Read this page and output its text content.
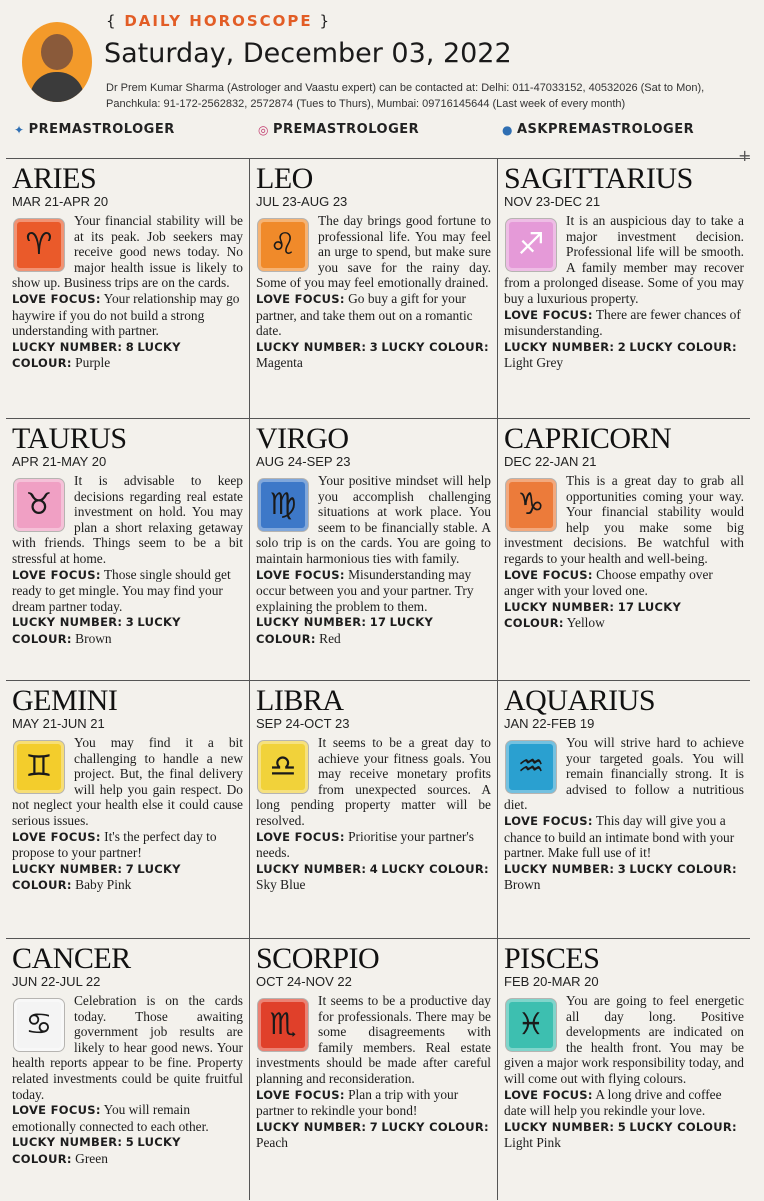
{ DAILY HOROSCOPE }
Saturday, December 03, 2022
Dr Prem Kumar Sharma (Astrologer and Vaastu expert) can be contacted at: Delhi: 011-47033152, 40532026 (Sat to Mon), Panchkula: 91-172-2562832, 2572874 (Tues to Thurs), Mumbai: 09716145644 (Last week of every month)
✦ PREMASTROLOGER	◎ PREMASTROLOGER	● ASKPREMASTROLOGER
+
ARIES
MAR 21-APR 20
♈
Your financial stability will be at its peak. Job seekers may receive good news today. No major health issue is likely to show up. Business trips are on the cards.
LOVE FOCUS: Your relationship may go haywire if you do not build a strong understanding with partner.
LUCKY NUMBER: 8 LUCKY COLOUR: Purple
LEO
JUL 23-AUG 23
♌
The day brings good fortune to professional life. You may feel an urge to spend, but make sure you save for the rainy day. Some of you may feel emotionally drained.
LOVE FOCUS: Go buy a gift for your partner, and take them out on a romantic date.
LUCKY NUMBER: 3 LUCKY COLOUR: Magenta
SAGITTARIUS
NOV 23-DEC 21
♐
It is an auspicious day to take a major investment decision. Professional life will be smooth. A family member may recover from a prolonged disease. Some of you may buy a luxurious property.
LOVE FOCUS: There are fewer chances of misunderstanding.
LUCKY NUMBER: 2 LUCKY COLOUR: Light Grey
TAURUS
APR 21-MAY 20
♉
It is advisable to keep decisions regarding real estate investment on hold. You may plan a short relaxing getaway with friends. Things seem to be a bit stressful at home.
LOVE FOCUS: Those single should get ready to get mingle. You may find your dream partner today.
LUCKY NUMBER: 3 LUCKY COLOUR: Brown
VIRGO
AUG 24-SEP 23
♍
Your positive mindset will help you accomplish challenging situations at work place. You seem to be financially stable. A solo trip is on the cards. You are going to maintain harmonious ties with family.
LOVE FOCUS: Misunderstanding may occur between you and your partner. Try explaining the problem to them.
LUCKY NUMBER: 17 LUCKY COLOUR: Red
CAPRICORN
DEC 22-JAN 21
♑
This is a great day to grab all opportunities coming your way. Your financial stability would help you make some big investment decisions. Be watchful with regards to your health and well-being.
LOVE FOCUS: Choose empathy over anger with your loved one.
LUCKY NUMBER: 17 LUCKY COLOUR: Yellow
GEMINI
MAY 21-JUN 21
♊
You may find it a bit challenging to handle a new project. But, the final delivery will help you gain respect. Do not neglect your health else it could cause serious issues.
LOVE FOCUS: It's the perfect day to propose to your partner!
LUCKY NUMBER: 7 LUCKY COLOUR: Baby Pink
LIBRA
SEP 24-OCT 23
♎
It seems to be a great day to achieve your fitness goals. You may receive monetary profits from unexpected sources. A long pending property matter will be resolved.
LOVE FOCUS: Prioritise your partner's needs.
LUCKY NUMBER: 4 LUCKY COLOUR: Sky Blue
AQUARIUS
JAN 22-FEB 19
♒
You will strive hard to achieve your targeted goals. You will remain financially strong. It is advised to follow a nutritious diet.
LOVE FOCUS: This day will give you a chance to build an intimate bond with your partner. Make full use of it!
LUCKY NUMBER: 3 LUCKY COLOUR: Brown
CANCER
JUN 22-JUL 22
♋
Celebration is on the cards today. Those awaiting government job results are likely to hear good news. Your health reports appear to be fine. Property related investments could be quite fruitful today.
LOVE FOCUS: You will remain emotionally connected to each other.
LUCKY NUMBER: 5 LUCKY COLOUR: Green
SCORPIO
OCT 24-NOV 22
♏
It seems to be a productive day for professionals. There may be some disagreements with family members. Real estate investments should be made after careful planning and reconsideration.
LOVE FOCUS: Plan a trip with your partner to rekindle your bond!
LUCKY NUMBER: 7 LUCKY COLOUR: Peach
PISCES
FEB 20-MAR 20
♓
You are going to feel energetic all day long. Positive developments are indicated on the health front. You may be given a major work responsibility today, and will come out with flying colours.
LOVE FOCUS: A long drive and coffee date will help you rekindle your love.
LUCKY NUMBER: 5 LUCKY COLOUR: Light Pink
